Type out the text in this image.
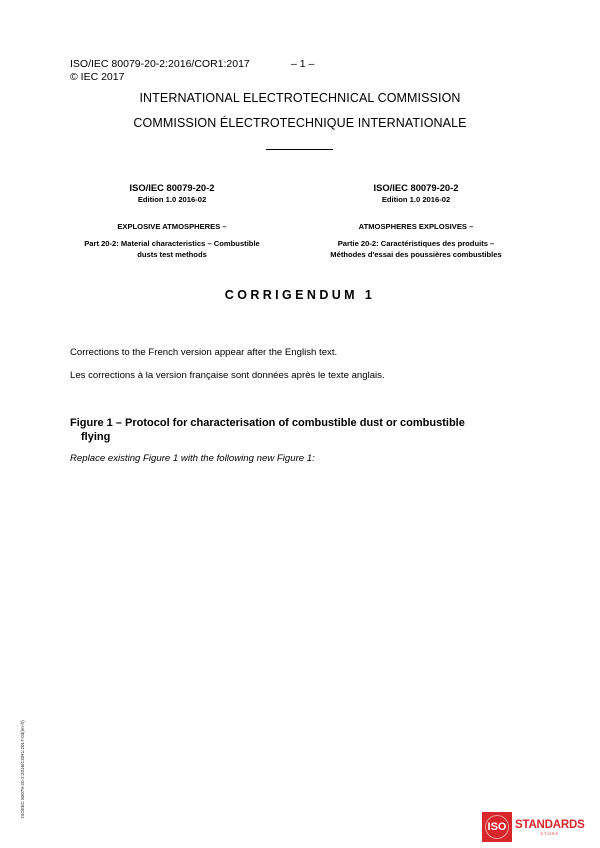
ISO/IEC 80079-20-2:2016/COR1:2017	– 1 –
© IEC 2017
INTERNATIONAL ELECTROTECHNICAL COMMISSION
COMMISSION ÉLECTROTECHNIQUE INTERNATIONALE
ISO/IEC 80079-20-2
Edition 1.0 2016-02
EXPLOSIVE ATMOSPHERES –
Part 20-2: Material characteristics – Combustible
dusts test methods
ISO/IEC 80079-20-2
Edition 1.0 2016-02
ATMOSPHERES EXPLOSIVES –
Partie 20-2: Caractéristiques des produits –
Méthodes d'essai des poussières combustibles
CORRIGENDUM 1
Corrections to the French version appear after the English text.
Les corrections à la version française sont données après le texte anglais.
Figure 1 – Protocol for characterisation of combustible dust or combustible
flying
Replace existing Figure 1 with the following new Figure 1:
ISO/IEC 80079-20-2:2016/COR1:2017-03(en-fr)
ISO STANDARDS
STORE
